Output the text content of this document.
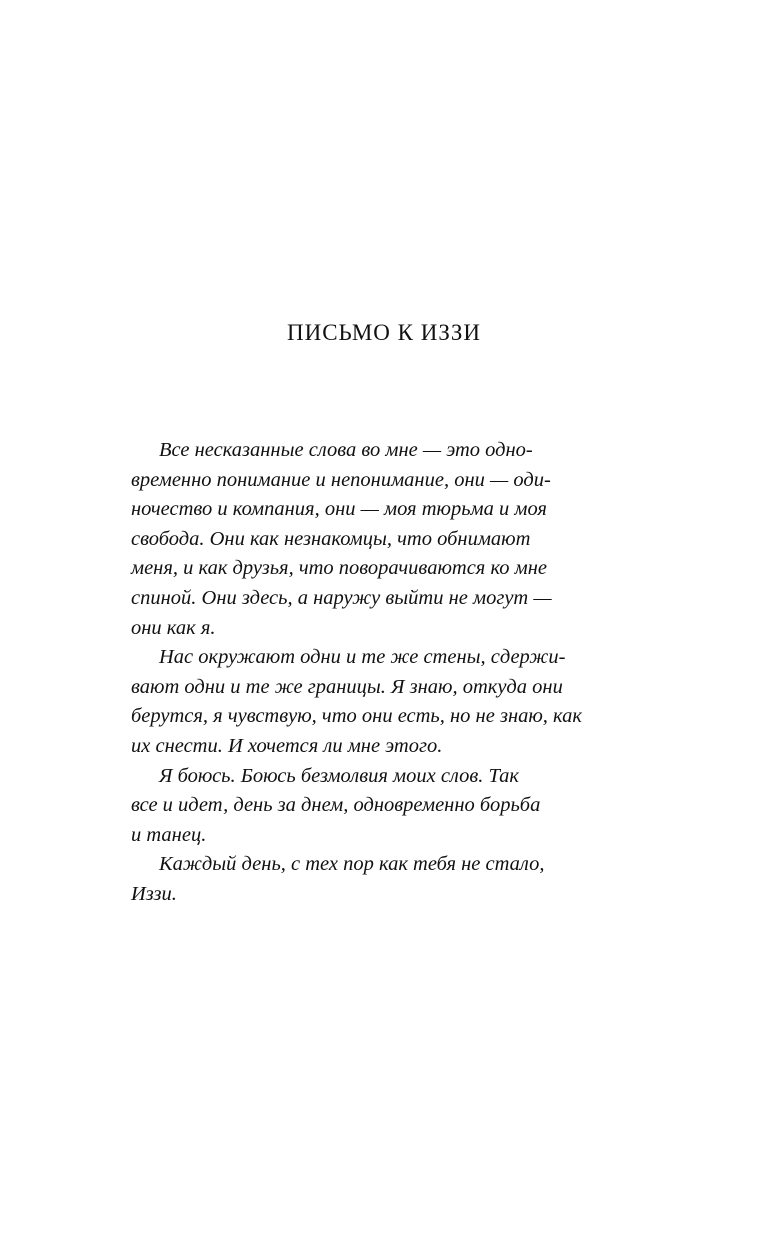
ПИСЬМО К ИЗЗИ
Все несказанные слова во мне — это одно-
временно понимание и непонимание, они — оди-
ночество и компания, они — моя тюрьма и моя
свобода. Они как незнакомцы, что обнимают
меня, и как друзья, что поворачиваются ко мне
спиной. Они здесь, а наружу выйти не могут —
они как я.
Нас окружают одни и те же стены, сдержи-
вают одни и те же границы. Я знаю, откуда они
берутся, я чувствую, что они есть, но не знаю, как
их снести. И хочется ли мне этого.
Я боюсь. Боюсь безмолвия моих слов. Так
все и идет, день за днем, одновременно борьба
и танец.
Каждый день, с тех пор как тебя не стало,
Иззи.
